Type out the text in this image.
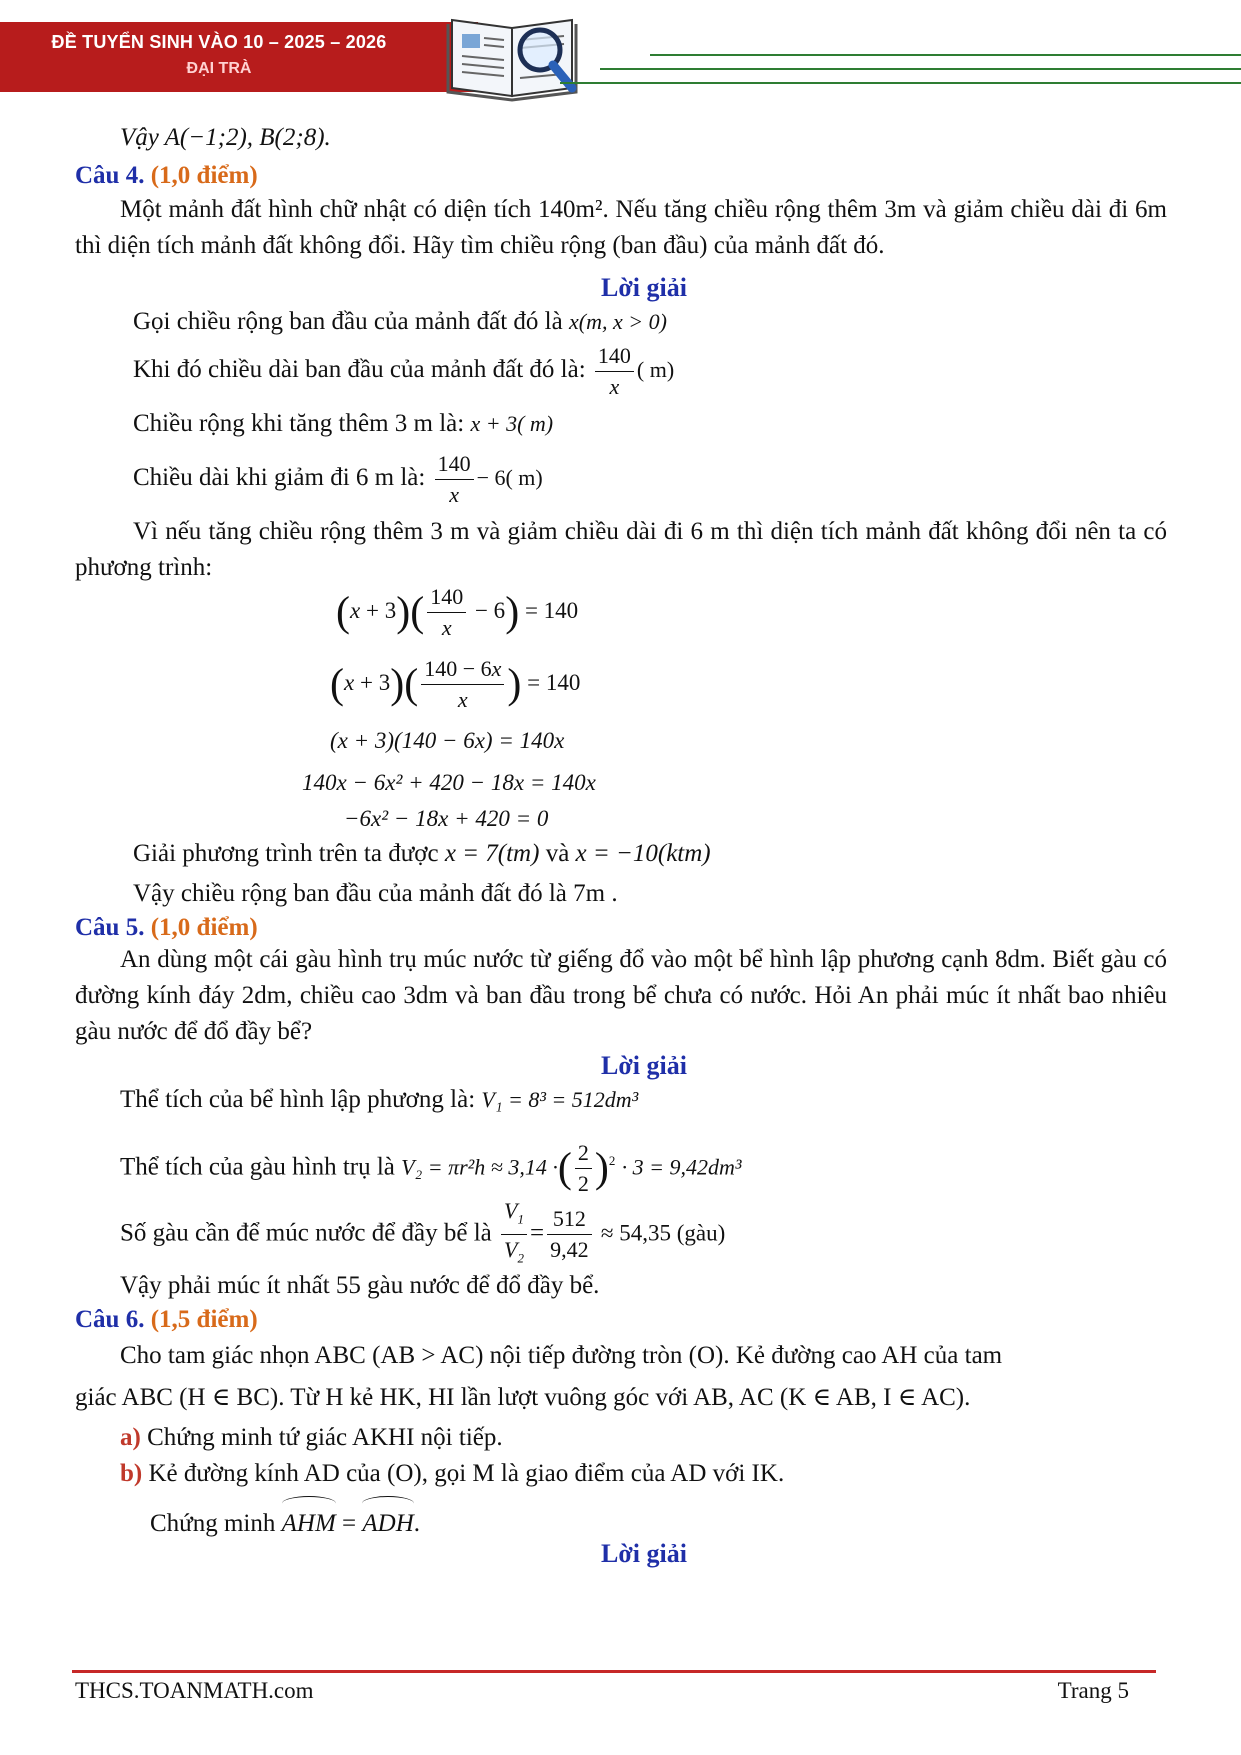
ĐỀ TUYỂN SINH VÀO 10 – 2025 – 2026
ĐẠI TRÀ
Vậy A(−1;2), B(2;8).
Câu 4. (1,0 điểm)
Một mảnh đất hình chữ nhật có diện tích 140m². Nếu tăng chiều rộng thêm 3m và giảm chiều dài đi 6m thì diện tích mảnh đất không đổi. Hãy tìm chiều rộng (ban đầu) của mảnh đất đó.
Lời giải
Gọi chiều rộng ban đầu của mảnh đất đó là x(m, x > 0)
Khi đó chiều dài ban đầu của mảnh đất đó là: $\frac{140}{x}$ ( m)
Chiều rộng khi tăng thêm 3 m là: x + 3( m)
Chiều dài khi giảm đi 6 m là: $\frac{140}{x} - 6$( m)
Vì nếu tăng chiều rộng thêm 3 m và giảm chiều dài đi 6 m thì diện tích mảnh đất không đổi nên ta có phương trình:
$(x + 3)( \frac{140}{x} - 6) = 140$
$(x + 3)( \frac{140 - 6x}{x}$ ) = 140
(x + 3)(140 − 6x) = 140x
140x − 6x² + 420 − 18x = 140x
−6x² − 18x + 420 = 0
Giải phương trình trên ta được x = 7(tm) và x = −10(ktm)
Vậy chiều rộng ban đầu của mảnh đất đó là 7m .
Câu 5. (1,0 điểm)
An dùng một cái gàu hình trụ múc nước từ giếng đổ vào một bể hình lập phương cạnh 8dm. Biết gàu có đường kính đáy 2dm, chiều cao 3dm và ban đầu trong bể chưa có nước. Hỏi An phải múc ít nhất bao nhiêu gàu nước để đổ đầy bể?
Lời giải
Thể tích của bể hình lập phương là: V₁ = 8³ = 512dm³
Thể tích của gàu hình trụ là V₂ = πr²h ≈ 3,14 ·( $\frac{2}{2} )^2 \cdot 3 = 9,42dm^3$
Số gàu cần để múc nước để đầy bể là $\frac{V_1}{V_2} = \frac{512}{9,42} \approx 54,35$ (gàu)
Vậy phải múc ít nhất 55 gàu nước để đổ đầy bể.
Câu 6. (1,5 điểm)
Cho tam giác nhọn ABC (AB > AC) nội tiếp đường tròn (O). Kẻ đường cao AH của tam
giác ABC (H ∈ BC). Từ H kẻ HK, HI lần lượt vuông góc với AB, AC (K ∈ AB, I ∈ AC).
a) Chứng minh tứ giác AKHI nội tiếp.
b) Kẻ đường kính AD của (O), gọi M là giao điểm của AD với IK.
Chứng minh AHM = ADH.
Lời giải
THCS.TOANMATH.com	Trang 5
